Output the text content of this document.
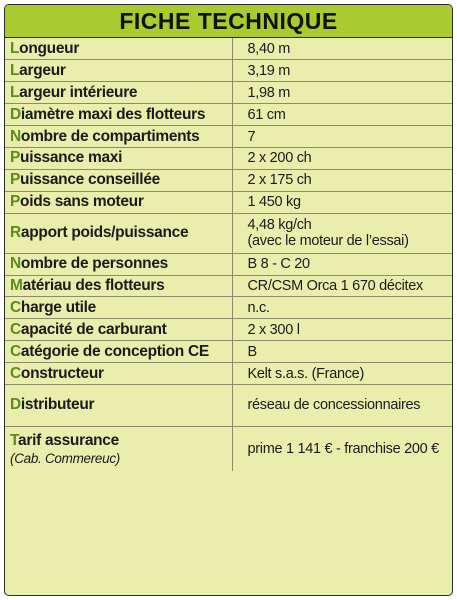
FICHE TECHNIQUE
Longueur	8,40 m
Largeur	3,19 m
Largeur intérieure	1,98 m
Diamètre maxi des flotteurs	61 cm
Nombre de compartiments	7
Puissance maxi	2 x 200 ch
Puissance conseillée	2 x 175 ch
Poids sans moteur	1 450 kg
Rapport poids/puissance	4,48 kg/ch
(avec le moteur de l’essai)

Nombre de personnes	B 8 - C 20
Matériau des flotteurs	CR/CSM Orca 1 670 décitex
Charge utile	n.c.
Capacité de carburant	2 x 300 l
Catégorie de conception CE	B
Constructeur	Kelt s.a.s. (France)
Distributeur	réseau de concessionnaires
Tarif assurance
(Cab. Commereuc)	prime 1 141 € - franchise 200 €
